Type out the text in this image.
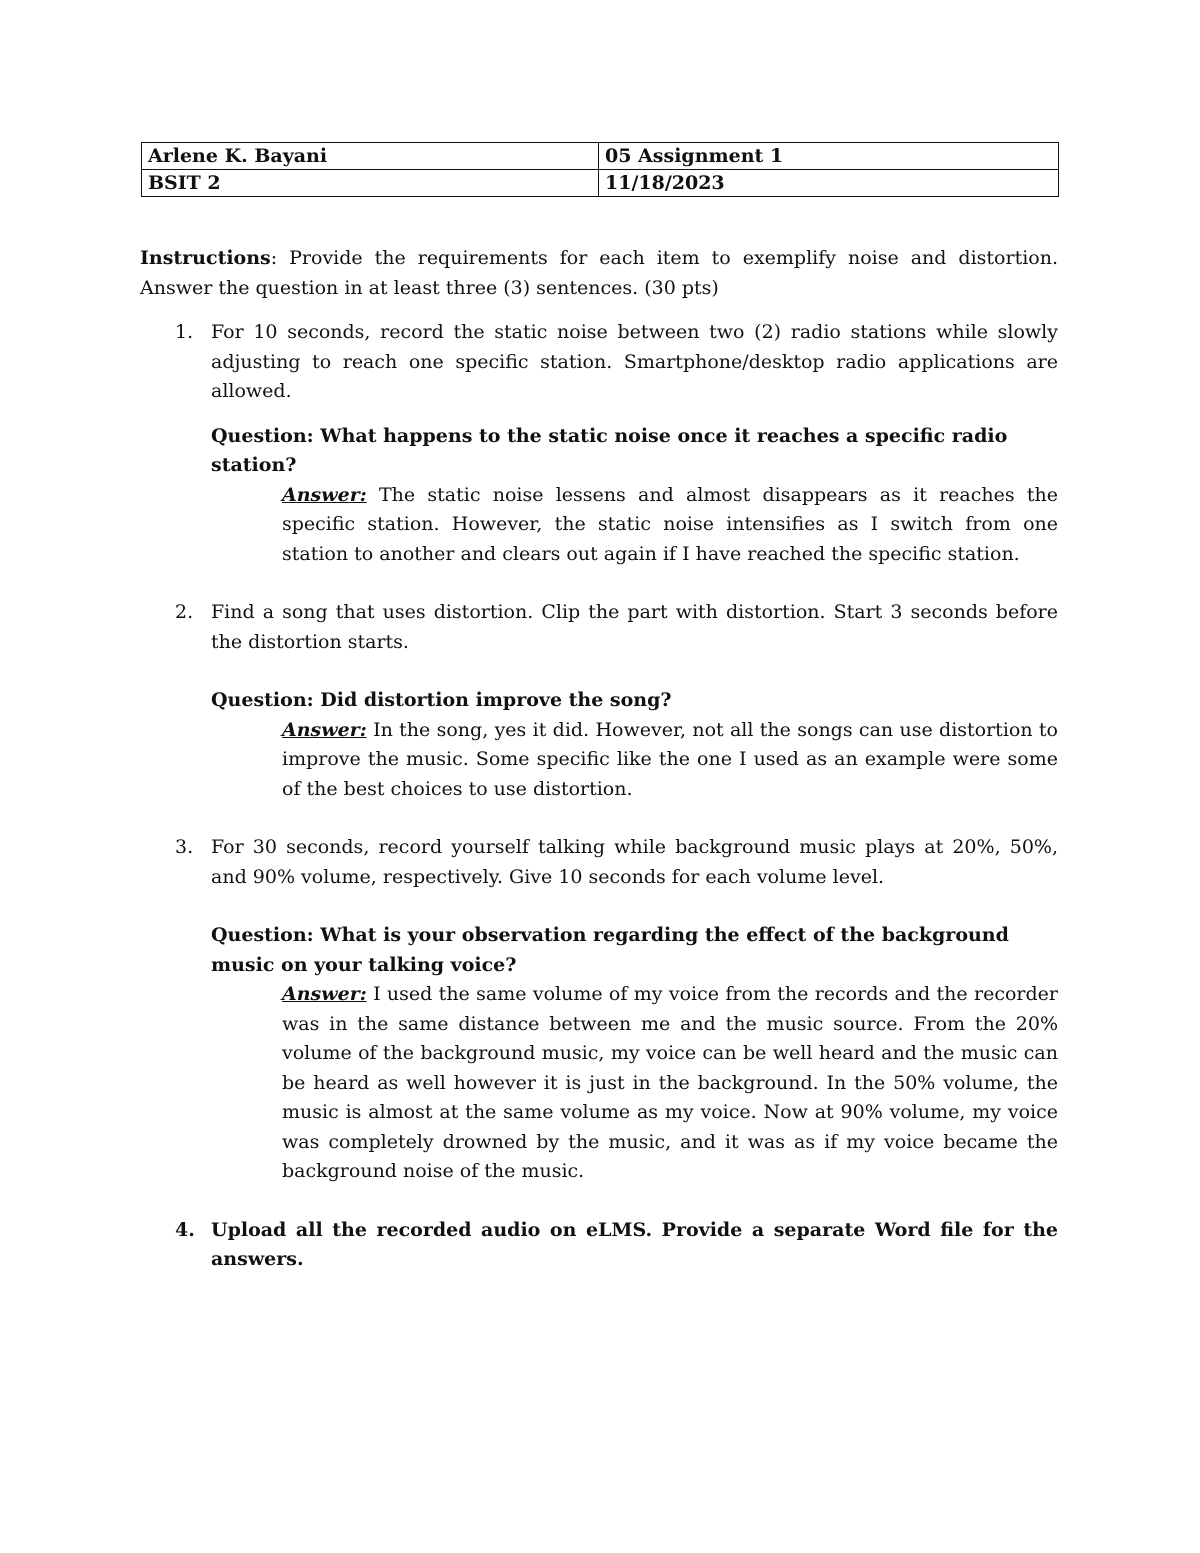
Arlene K. Bayani	05 Assignment 1
BSIT 2	11/18/2023

Instructions: Provide the requirements for each item to exemplify noise and distortion. Answer the question in at least three (3) sentences. (30 pts)

1. For 10 seconds, record the static noise between two (2) radio stations while slowly adjusting to reach one specific station. Smartphone/desktop radio applications are allowed.
Question: What happens to the static noise once it reaches a specific radio station?
Answer: The static noise lessens and almost disappears as it reaches the specific station. However, the static noise intensifies as I switch from one station to another and clears out again if I have reached the specific station.
2. Find a song that uses distortion. Clip the part with distortion. Start 3 seconds before the distortion starts.
Question: Did distortion improve the song?
Answer: In the song, yes it did. However, not all the songs can use distortion to improve the music. Some specific like the one I used as an example were some of the best choices to use distortion.
3. For 30 seconds, record yourself talking while background music plays at 20%, 50%, and 90% volume, respectively. Give 10 seconds for each volume level.
Question: What is your observation regarding the effect of the background music on your talking voice?
Answer: I used the same volume of my voice from the records and the recorder was in the same distance between me and the music source. From the 20% volume of the background music, my voice can be well heard and the music can be heard as well however it is just in the background. In the 50% volume, the music is almost at the same volume as my voice. Now at 90% volume, my voice was completely drowned by the music, and it was as if my voice became the background noise of the music.
4. Upload all the recorded audio on eLMS. Provide a separate Word file for the answers.
